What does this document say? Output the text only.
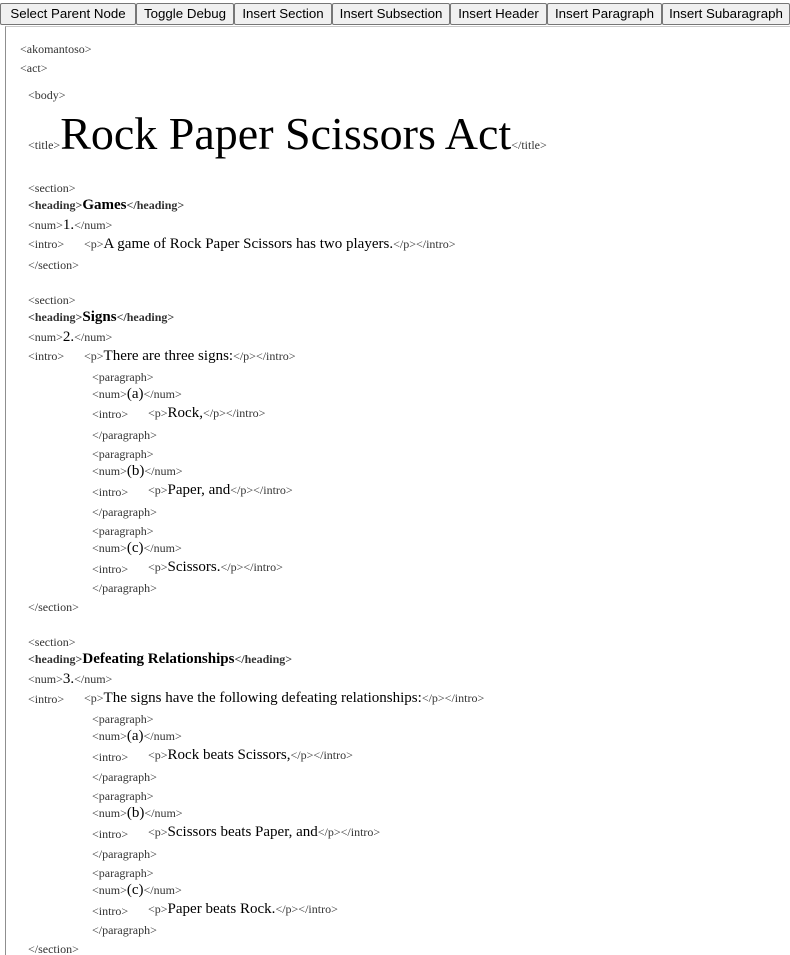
Select Parent Node	Toggle Debug	Insert Section	Insert Subsection	Insert Header	Insert Paragraph	Insert Subaragraph
<akomantoso>
<act>
<body>
<title>Rock Paper Scissors Act</title>
<section>
<heading>Games</heading>
<num>1.</num>
<intro> <p>A game of Rock Paper Scissors has two players.</p></intro>
</section>
<section>
<heading>Signs</heading>
<num>2.</num>
<intro> <p>There are three signs:</p></intro>
<paragraph>
<num>(a)</num>
<intro> <p>Rock,</p></intro>
</paragraph>
<paragraph>
<num>(b)</num>
<intro> <p>Paper, and</p></intro>
</paragraph>
<paragraph>
<num>(c)</num>
<intro> <p>Scissors.</p></intro>
</paragraph>
</section>
<section>
<heading>Defeating Relationships</heading>
<num>3.</num>
<intro> <p>The signs have the following defeating relationships:</p></intro>
<paragraph>
<num>(a)</num>
<intro> <p>Rock beats Scissors,</p></intro>
</paragraph>
<paragraph>
<num>(b)</num>
<intro> <p>Scissors beats Paper, and</p></intro>
</paragraph>
<paragraph>
<num>(c)</num>
<intro> <p>Paper beats Rock.</p></intro>
</paragraph>
</section>
